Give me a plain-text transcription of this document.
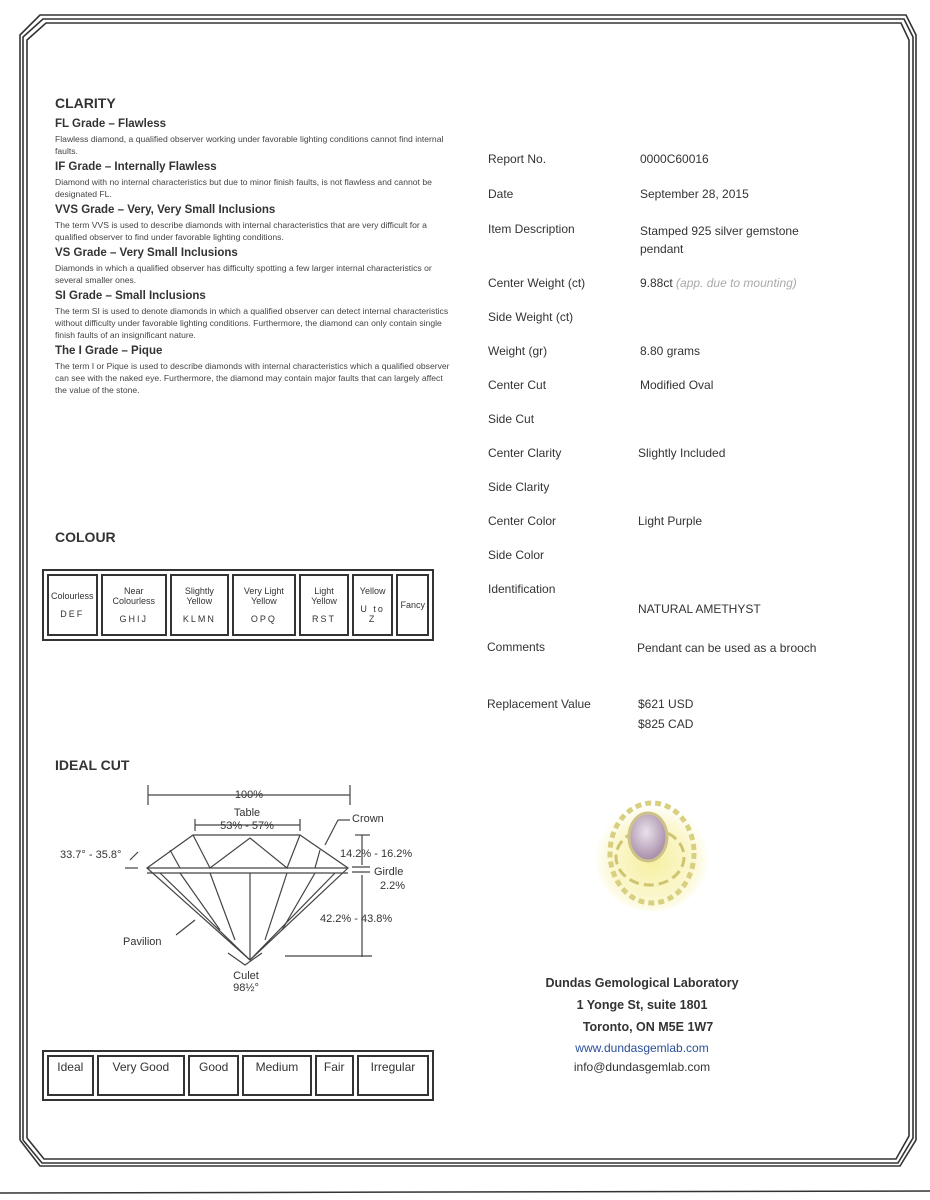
CLARITY
FL Grade – Flawless
Flawless diamond, a qualified observer working under favorable lighting conditions cannot find internal faults.
IF Grade – Internally Flawless
Diamond with no internal characteristics but due to minor finish faults, is not flawless and cannot be designated FL.
VVS Grade – Very, Very Small Inclusions
The term VVS is used to describe diamonds with internal characteristics that are very difficult for a qualified observer to find under favorable lighting conditions.
VS Grade – Very Small Inclusions
Diamonds in which a qualified observer has difficulty spotting a few larger internal characteristics or several smaller ones.
SI Grade – Small Inclusions
The term SI is used to denote diamonds in which a qualified observer can detect internal characteristics without difficulty under favorable lighting conditions. Furthermore, the diamond can only contain single finish faults of an insignificant nature.
The I Grade – Pique
The term I or Pique is used to describe diamonds with internal characteristics which a qualified observer can see with the naked eye. Furthermore, the diamond may contain major faults that can largely affect the value of the stone.
COLOUR
Colourless
DEF
	Near Colourless
GHIJ
	Slightly Yellow
KLMN
	Very Light Yellow
OPQ
	Light Yellow
RST
	Yellow
U to Z
	Fancy
IDEAL CUT
100%
Table
53% - 57%
Crown
33.7° - 35.8°	14.2% - 16.2%
Girdle
2.2%
42.2% - 43.8%
Pavilion
Culet
98½°
Ideal	Very Good	Good	Medium	Fair	Irregular
Report No.	0000C60016
Date	September 28, 2015
Item Description	Stamped 925 silver gemstone pendant
Center Weight (ct)	9.88ct (app. due to mounting)
Side Weight (ct)
Weight (gr)	8.80 grams
Center Cut	Modified Oval
Side Cut
Center Clarity	Slightly Included
Side Clarity
Center Color	Light Purple
Side Color
Identification
NATURAL AMETHYST
Comments	Pendant can be used as a brooch
Replacement Value	$621 USD
$825 CAD
Dundas Gemological Laboratory
1 Yonge St, suite 1801
Toronto, ON M5E 1W7
www.dundasgemlab.com
info@dundasgemlab.com
